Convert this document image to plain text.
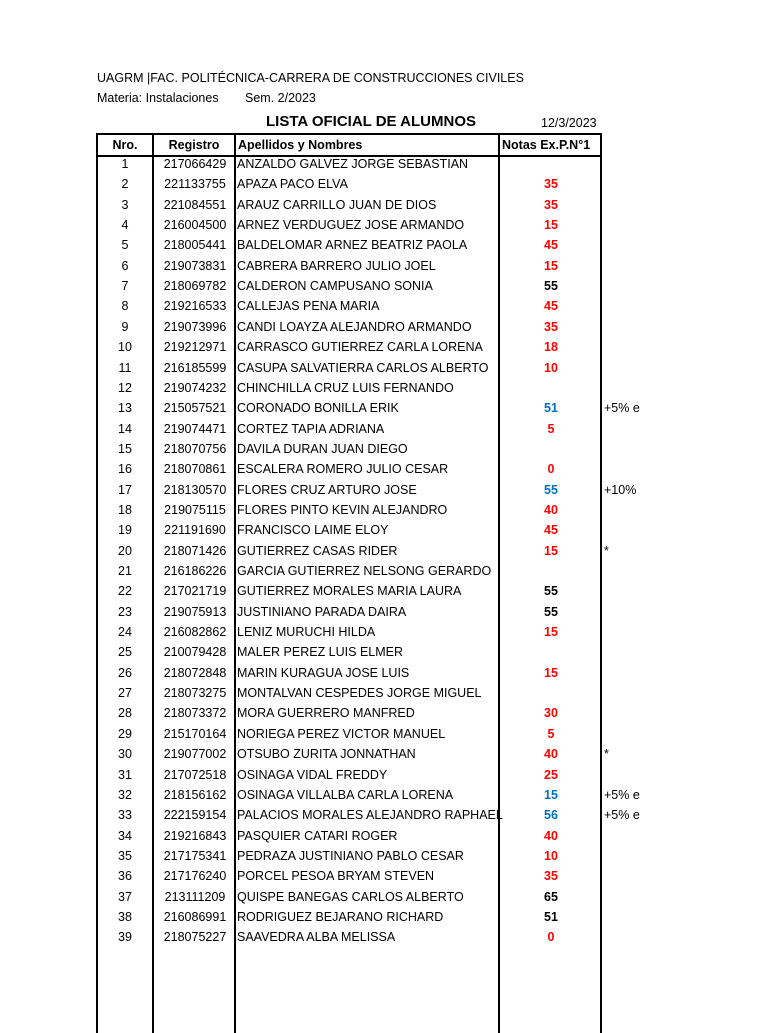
UAGRM |FAC. POLITÉCNICA-CARRERA DE CONSTRUCCIONES CIVILES
Materia: Instalaciones Sem. 2/2023
LISTA OFICIAL DE ALUMNOS	12/3/2023
Nro.	Registro	Apellidos y Nombres	Notas Ex.P.N°1
1	217066429 ANZALDO GALVEZ JORGE SEBASTIAN
2	221133755 APAZA PACO ELVA	35
3	221084551 ARAUZ CARRILLO JUAN DE DIOS	35
4	216004500 ARNEZ VERDUGUEZ JOSE ARMANDO	15
5	218005441 BALDELOMAR ARNEZ BEATRIZ PAOLA	45
6	219073831 CABRERA BARRERO JULIO JOEL	15
7	218069782 CALDERON CAMPUSANO SONIA	55
8	219216533 CALLEJAS PENA MARIA	45
9	219073996 CANDI LOAYZA ALEJANDRO ARMANDO	35
10	219212971 CARRASCO GUTIERREZ CARLA LORENA	18
11	216185599 CASUPA SALVATIERRA CARLOS ALBERTO	10
12	219074232 CHINCHILLA CRUZ LUIS FERNANDO
13	215057521 CORONADO BONILLA ERIK	51	+5% e
14	219074471 CORTEZ TAPIA ADRIANA	5
15	218070756 DAVILA DURAN JUAN DIEGO
16	218070861 ESCALERA ROMERO JULIO CESAR	0
17	218130570 FLORES CRUZ ARTURO JOSE	55	+10%
18	219075115 FLORES PINTO KEVIN ALEJANDRO	40
19	221191690 FRANCISCO LAIME ELOY	45
20	218071426 GUTIERREZ CASAS RIDER	15	*
21	216186226 GARCIA GUTIERREZ NELSONG GERARDO
22	217021719 GUTIERREZ MORALES MARIA LAURA	55
23	219075913 JUSTINIANO PARADA DAIRA	55
24	216082862 LENIZ MURUCHI HILDA	15
25	210079428 MALER PEREZ LUIS ELMER
26	218072848 MARIN KURAGUA JOSE LUIS	15
27	218073275 MONTALVAN CESPEDES JORGE MIGUEL
28	218073372 MORA GUERRERO MANFRED	30
29	215170164 NORIEGA PEREZ VICTOR MANUEL	5
30	219077002 OTSUBO ZURITA JONNATHAN	40	*
31	217072518 OSINAGA VIDAL FREDDY	25
32	218156162 OSINAGA VILLALBA CARLA LORENA	15	+5% e
33	222159154 PALACIOS MORALES ALEJANDRO RAPHAEL	56	+5% e
34	219216843 PASQUIER CATARI ROGER	40
35	217175341 PEDRAZA JUSTINIANO PABLO CESAR	10
36	217176240 PORCEL PESOA BRYAM STEVEN	35
37	213111209 QUISPE BANEGAS CARLOS ALBERTO	65
38	216086991 RODRIGUEZ BEJARANO RICHARD	51
39	218075227 SAAVEDRA ALBA MELISSA	0
